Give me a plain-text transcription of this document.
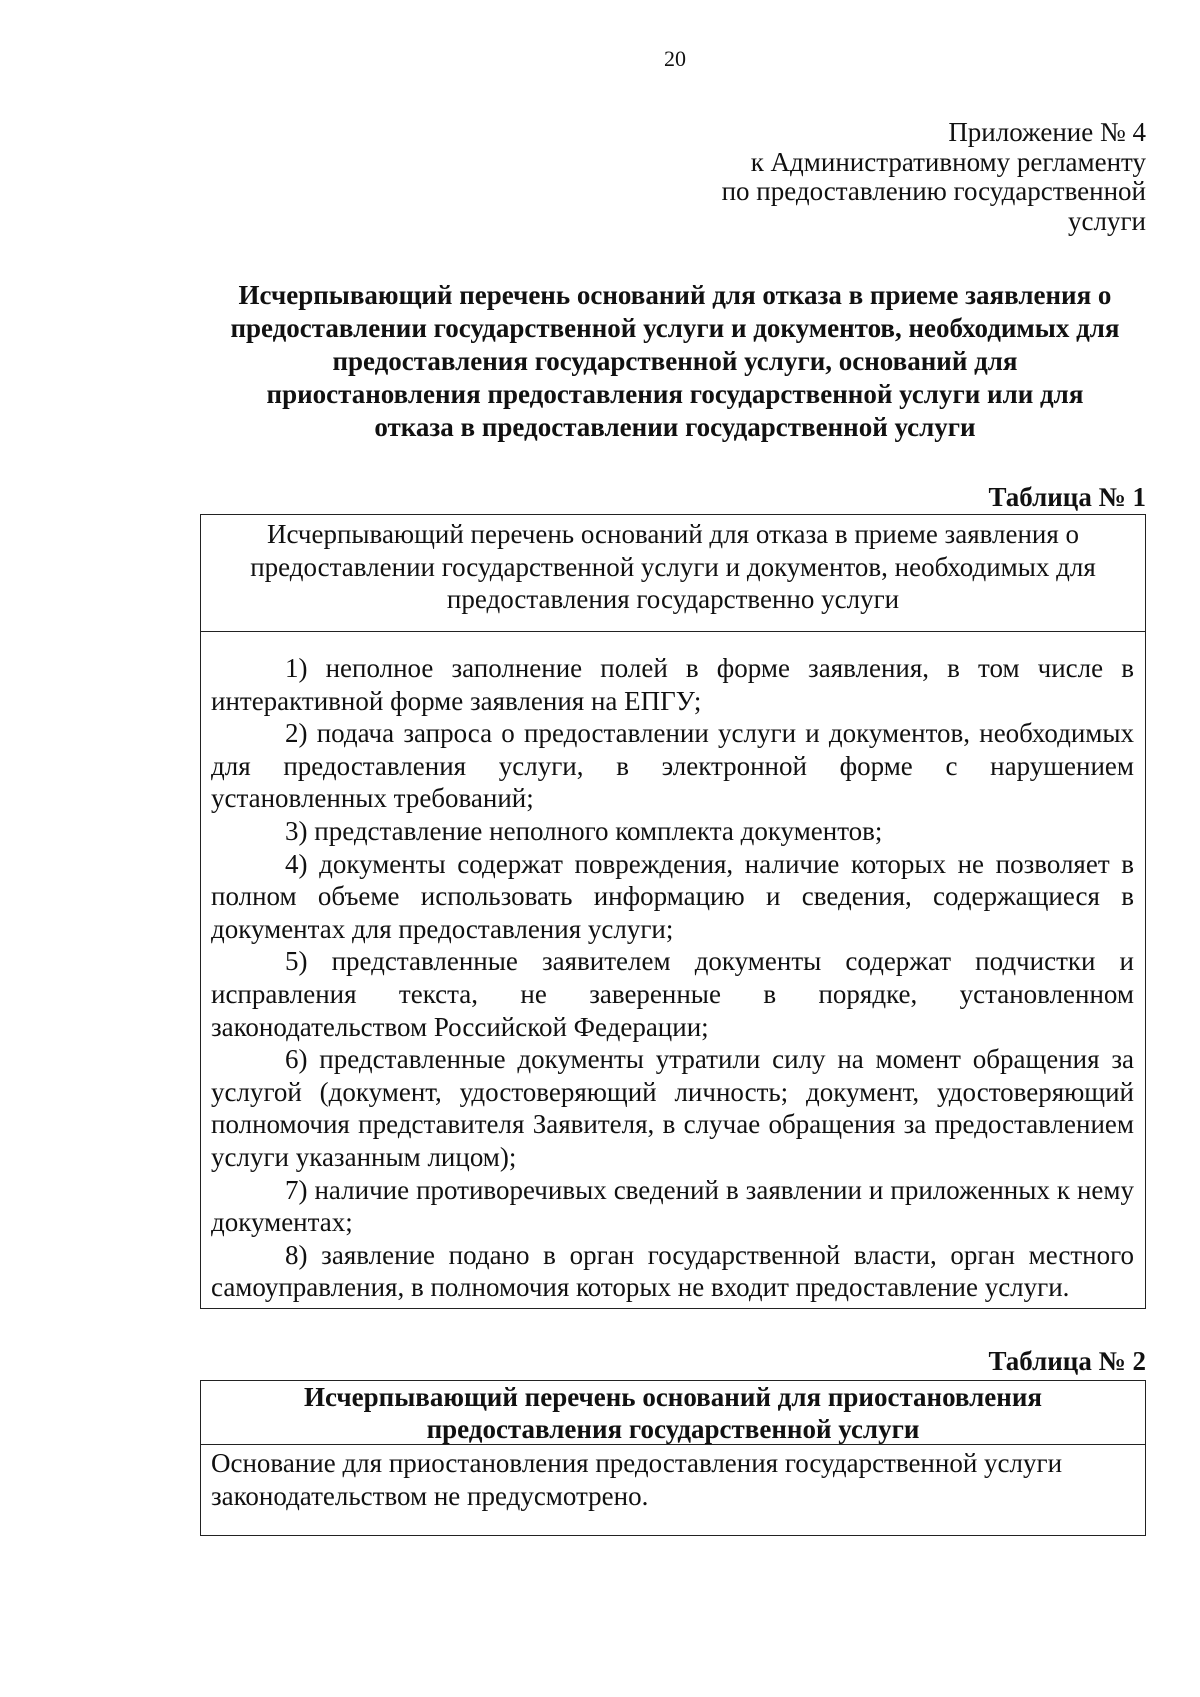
20
Приложение № 4
к Административному регламенту
по предоставлению государственной
услуги
Исчерпывающий перечень оснований для отказа в приеме заявления о
предоставлении государственной услуги и документов, необходимых для
предоставления государственной услуги, оснований для
приостановления предоставления государственной услуги или для
отказа в предоставлении государственной услуги
Таблица № 1
Исчерпывающий перечень оснований для отказа в приеме заявления о
предоставлении государственной услуги и документов, необходимых для
предоставления государственно услуги

1) неполное заполнение полей в форме заявления, в том числе в интерактивной форме заявления на ЕПГУ;

2) подача запроса о предоставлении услуги и документов, необходимых для предоставления услуги, в электронной форме с нарушением установленных требований;

3) представление неполного комплекта документов;

4) документы содержат повреждения, наличие которых не позволяет в полном объеме использовать информацию и сведения, содержащиеся в документах для предоставления услуги;

5) представленные заявителем документы содержат подчистки и исправления текста, не заверенные в порядке, установленном законодательством Российской Федерации;

6) представленные документы утратили силу на момент обращения за услугой (документ, удостоверяющий личность; документ, удостоверяющий полномочия представителя Заявителя, в случае обращения за предоставлением услуги указанным лицом);

7) наличие противоречивых сведений в заявлении и приложенных к нему документах;

8) заявление подано в орган государственной власти, орган местного самоуправления, в полномочия которых не входит предоставление услуги.

Таблица № 2
Исчерпывающий перечень оснований для приостановления
предоставления государственной услуги
Основание для приостановления предоставления государственной услуги
законодательством не предусмотрено.
